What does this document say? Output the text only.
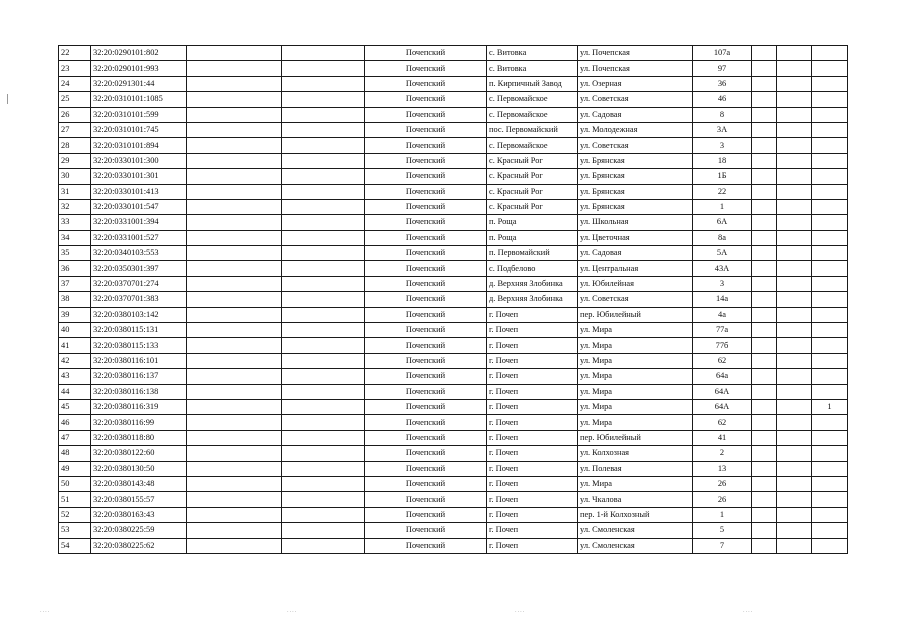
22	32:20:0290101:802			Почепский	с. Витовка	ул. Почепская	107а			
23	32:20:0290101:993			Почепский	с. Витовка	ул. Почепская	97			
24	32:20:0291301:44			Почепский	п. Кирпичный Завод	ул. Озерная	36			
25	32:20:0310101:1085			Почепский	с. Первомайское	ул. Советская	46			
26	32:20:0310101:599			Почепский	с. Первомайское	ул. Садовая	8			
27	32:20:0310101:745			Почепский	пос. Первомайский	ул. Молодежная	3А			
28	32:20:0310101:894			Почепский	с. Первомайское	ул. Советская	3			
29	32:20:0330101:300			Почепский	с. Красный Рог	ул. Брянская	18			
30	32:20:0330101:301			Почепский	с. Красный Рог	ул. Брянская	1Б			
31	32:20:0330101:413			Почепский	с. Красный Рог	ул. Брянская	22			
32	32:20:0330101:547			Почепский	с. Красный Рог	ул. Брянская	1			
33	32:20:0331001:394			Почепский	п. Роща	ул. Школьная	6А			
34	32:20:0331001:527			Почепский	п. Роща	ул. Цветочная	8а			
35	32:20:0340103:553			Почепский	п. Первомайский	ул. Садовая	5А			
36	32:20:0350301:397			Почепский	с. Подбелово	ул. Центральная	43А			
37	32:20:0370701:274			Почепский	д. Верхняя Злобинка	ул. Юбилейная	3			
38	32:20:0370701:383			Почепский	д. Верхняя Злобинка	ул. Советская	14а			
39	32:20:0380103:142			Почепский	г. Почеп	пер. Юбилейный	4а			
40	32:20:0380115:131			Почепский	г. Почеп	ул. Мира	77а			
41	32:20:0380115:133			Почепский	г. Почеп	ул. Мира	77б			
42	32:20:0380116:101			Почепский	г. Почеп	ул. Мира	62			
43	32:20:0380116:137			Почепский	г. Почеп	ул. Мира	64а			
44	32:20:0380116:138			Почепский	г. Почеп	ул. Мира	64А			
45	32:20:0380116:319			Почепский	г. Почеп	ул. Мира	64А			1
46	32:20:0380116:99			Почепский	г. Почеп	ул. Мира	62			
47	32:20:0380118:80			Почепский	г. Почеп	пер. Юбилейный	41			
48	32:20:0380122:60			Почепский	г. Почеп	ул. Колхозная	2			
49	32:20:0380130:50			Почепский	г. Почеп	ул. Полевая	13			
50	32:20:0380143:48			Почепский	г. Почеп	ул. Мира	26			
51	32:20:0380155:57			Почепский	г. Почеп	ул. Чкалова	26			
52	32:20:0380163:43			Почепский	г. Почеп	пер. 1-й Колхозный	1			
53	32:20:0380225:59			Почепский	г. Почеп	ул. Смоленская	5			
54	32:20:0380225:62			Почепский	г. Почеп	ул. Смоленская	7			
····	····	····	····
